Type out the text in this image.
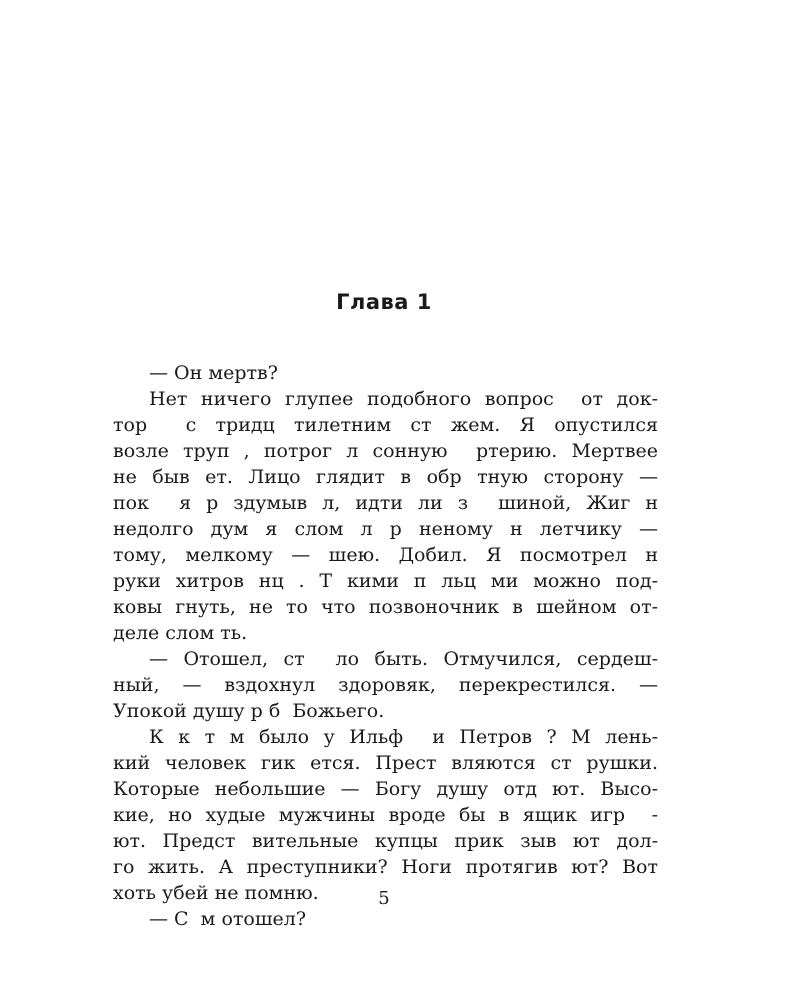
Глава 1
— Он мертв?
Нет ничего глупее подобного вопрос  от док-
тор  с тридц тилетним ст жем. Я опустился
возле труп , потрог л сонную  ртерию. Мертвее
не быв ет. Лицо глядит в обр тную сторону —
пок  я р здумыв л, идти ли з  шиной, Жиг н
недолго дум я слом л р неному н летчику —
тому, мелкому — шею. Добил. Я посмотрел н
руки хитров нц . Т кими п льц ми можно под-
ковы гнуть, не то что позвоночник в шейном от-
деле слом ть.
— Отошел, ст  ло быть. Отмучился, сердеш-
ный, — вздохнул здоровяк, перекрестился. —
Упокой душу р б  Божьего.
К к т м было у Ильф  и Петров ? М лень-
кий человек гик ется. Прест вляются ст рушки.
Которые небольшие — Богу душу отд ют. Высо-
кие, но худые мужчины вроде бы в ящик игр  -
ют. Предст вительные купцы прик зыв ют дол-
го жить. А преступники? Ноги протягив ют? Вот
хоть убей не помню.
— С  м отошел?
5
